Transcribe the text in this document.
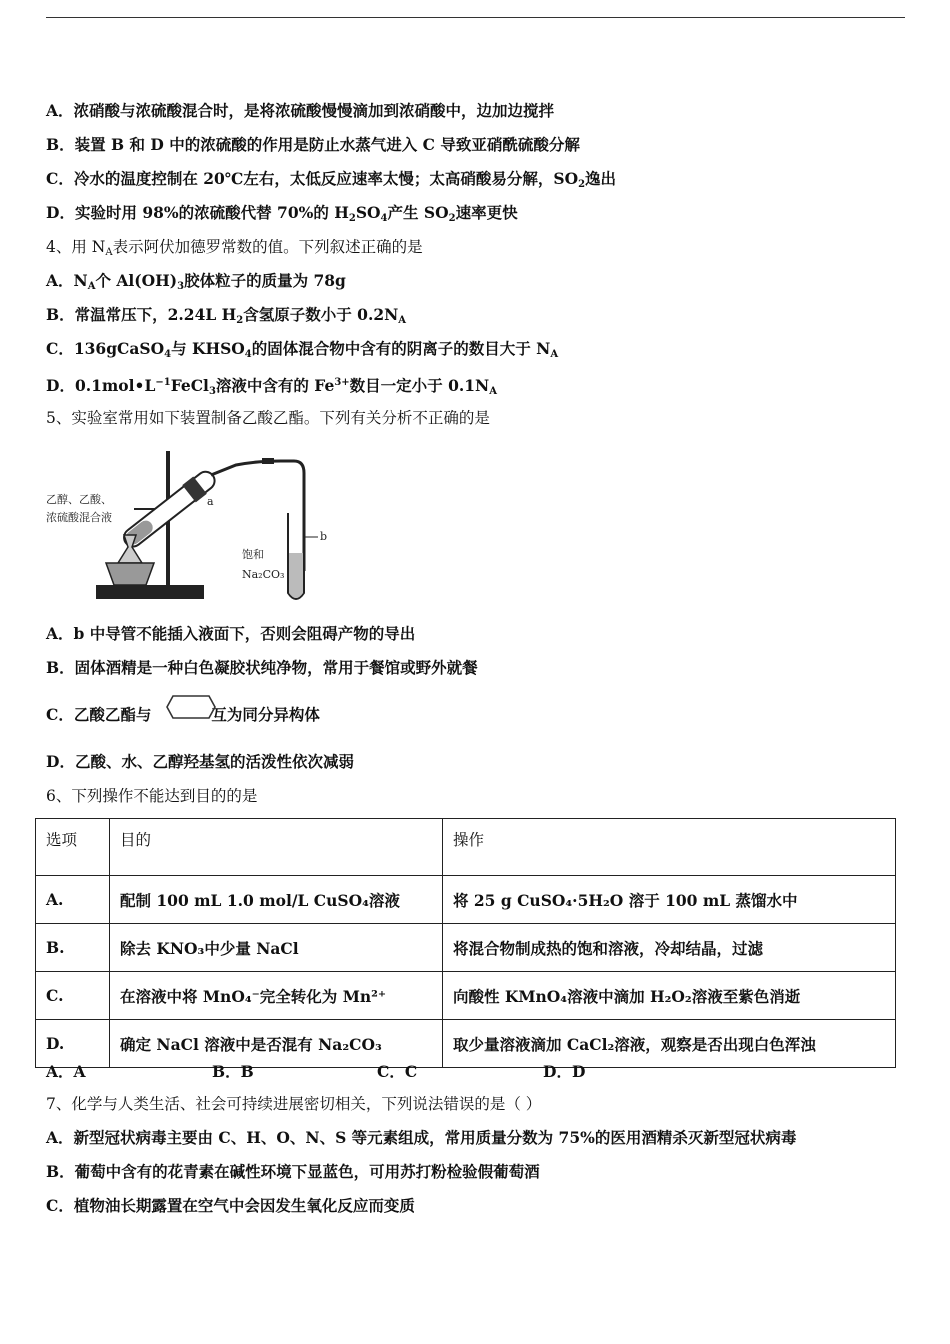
A．浓硝酸与浓硫酸混合时，是将浓硫酸慢慢滴加到浓硝酸中，边加边搅拌
B．装置 B 和 D 中的浓硫酸的作用是防止水蒸气进入 C 导致亚硝酰硫酸分解
C．冷水的温度控制在 20℃左右，太低反应速率太慢；太高硝酸易分解，$SO_2$逸出
D．实验时用 98%的浓硫酸代替 70%的 $H_2SO_4$产生 $SO_2$速率更快
4、用 $N_A$表示阿伏加德罗常数的值。下列叙述正确的是
A．$N_A$个 $Al(OH)_3$胶体粒子的质量为 78g
B．常温常压下，2.24L $H_2$含氢原子数小于 $0.2N_A$
C．136gCaSO$_4$与 $KHSO_4$的固体混合物中含有的阴离子的数目大于 $N_A$
D．$0.1mol•L^{-1}FeCl_3$溶液中含有的 $Fe^{3+}$数目一定小于 $0.1N_A$
5、实验室常用如下装置制备乙酸乙酯。下列有关分析不正确的是
乙醇、乙酸、
浓硫酸混合液
a
b
饱和
Na₂CO₃
A．b 中导管不能插入液面下，否则会阻碍产物的导出
B．固体酒精是一种白色凝胶状纯净物，常用于餐馆或野外就餐
C．乙酸乙酯与	互为同分异构体
D．乙酸、水、乙醇羟基氢的活泼性依次减弱
6、下列操作不能达到目的的是
选项	目的	操作
A.	配制 100 mL 1.0 mol/L CuSO₄溶液	将 25 g CuSO₄·5H₂O 溶于 100 mL 蒸馏水中
B.	除去 KNO₃中少量 NaCl	将混合物制成热的饱和溶液，冷却结晶，过滤
C.	在溶液中将 MnO₄⁻完全转化为 Mn²⁺	向酸性 KMnO₄溶液中滴加 H₂O₂溶液至紫色消逝
D.	确定 NaCl 溶液中是否混有 Na₂CO₃	取少量溶液滴加 CaCl₂溶液，观察是否出现白色浑浊
A．A	B．B	C．C	D．D
7、化学与人类生活、社会可持续进展密切相关，下列说法错误的是（ ）
A．新型冠状病毒主要由 C、H、O、N、S 等元素组成，常用质量分数为 75%的医用酒精杀灭新型冠状病毒
B．葡萄中含有的花青素在碱性环境下显蓝色，可用苏打粉检验假葡萄酒
C．植物油长期露置在空气中会因发生氧化反应而变质
